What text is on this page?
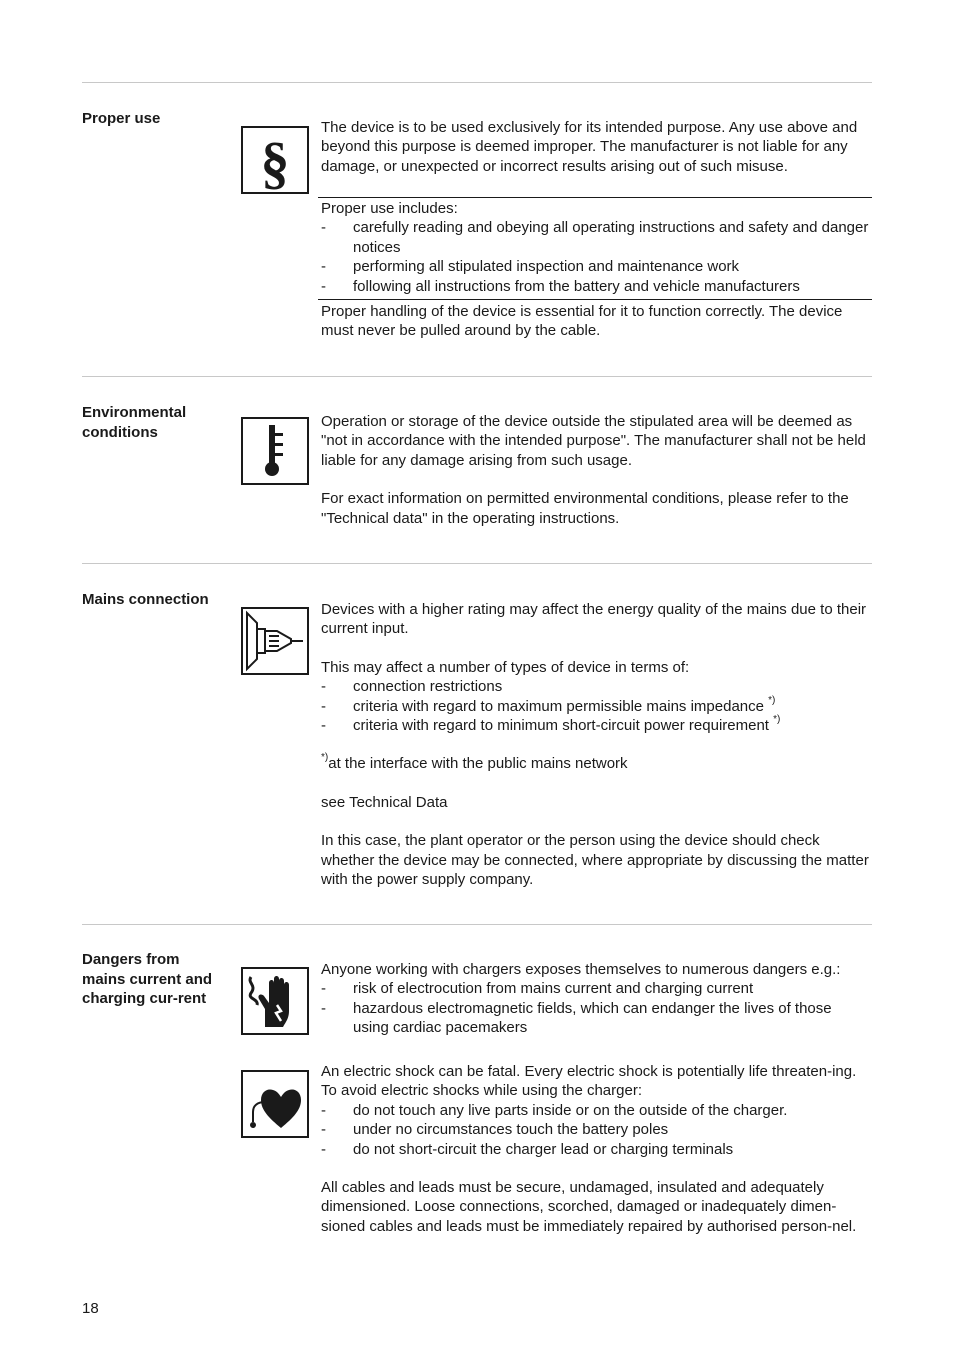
Proper use
§

The device is to be used exclusively for its intended purpose. Any use above and beyond this purpose is deemed improper. The manufacturer is not liable for any damage, or unexpected or incorrect results arising out of such misuse.

Proper use includes:

- carefully reading and obeying all operating instructions and safety and danger notices
- performing all stipulated inspection and maintenance work
- following all instructions from the battery and vehicle manufacturers

Proper handling of the device is essential for it to function correctly. The device must never be pulled around by the cable.

Environmental conditions

Operation or storage of the device outside the stipulated area will be deemed as "not in accordance with the intended purpose". The manufacturer shall not be held liable for any damage arising from such usage.

For exact information on permitted environmental conditions, please refer to the "Technical data" in the operating instructions.

Mains connection

Devices with a higher rating may affect the energy quality of the mains due to their current input.

This may affect a number of types of device in terms of:

- connection restrictions
- criteria with regard to maximum permissible mains impedance *)
- criteria with regard to minimum short-circuit power requirement *)

*)at the interface with the public mains network

see Technical Data

In this case, the plant operator or the person using the device should check whether the device may be connected, where appropriate by discussing the matter with the power supply company.

Dangers from mains current and charging cur-rent

Anyone working with chargers exposes themselves to numerous dangers e.g.:

- risk of electrocution from mains current and charging current
- hazardous electromagnetic fields, which can endanger the lives of those using cardiac pacemakers

An electric shock can be fatal. Every electric shock is potentially life threaten-ing. To avoid electric shocks while using the charger:

- do not touch any live parts inside or on the outside of the charger.
- under no circumstances touch the battery poles
- do not short-circuit the charger lead or charging terminals

All cables and leads must be secure, undamaged, insulated and adequately dimensioned. Loose connections, scorched, damaged or inadequately dimen-sioned cables and leads must be immediately repaired by authorised person-nel.

18
